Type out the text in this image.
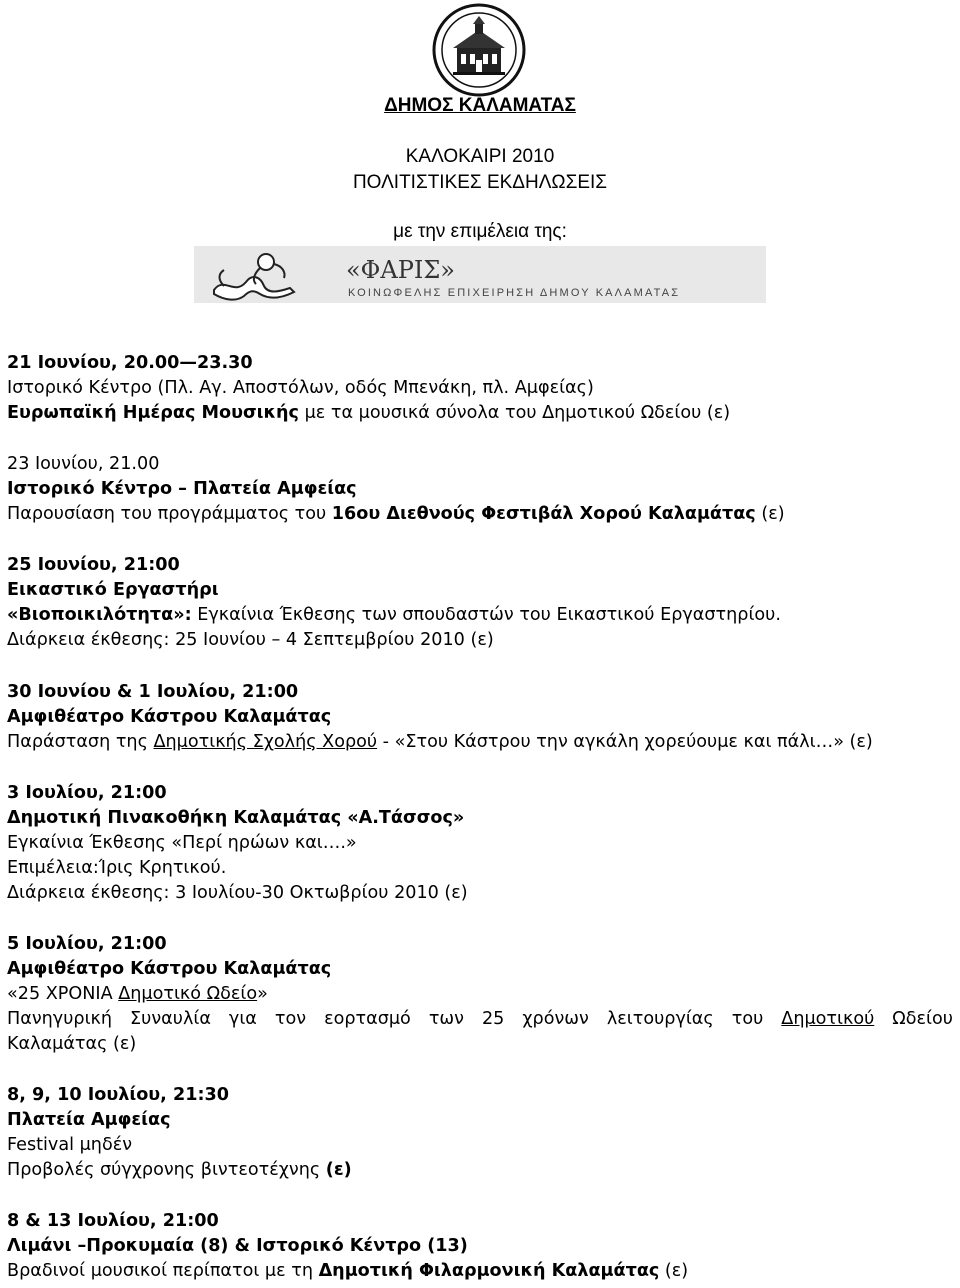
ΔΗΜΟΣ ΚΑΛΑΜΑΤΑΣ
ΚΑΛΟΚΑΙΡΙ 2010
ΠΟΛΙΤΙΣΤΙΚΕΣ ΕΚΔΗΛΩΣΕΙΣ
με την επιμέλεια της:
«ΦΑΡΙΣ»
ΚΟΙΝΩΦΕΛΗΣ ΕΠΙΧΕΙΡΗΣΗ ΔΗΜΟΥ ΚΑΛΑΜΑΤΑΣ
21 Ιουνίου, 20.00—23.30
Ιστορικό Κέντρο (Πλ. Αγ. Αποστόλων, οδός Μπενάκη, πλ. Αμφείας)
Ευρωπαϊκή Ημέρας Μουσικής με τα μουσικά σύνολα του Δημοτικού Ωδείου (ε)
23 Ιουνίου, 21.00
Ιστορικό Κέντρο – Πλατεία Αμφείας
Παρουσίαση του προγράμματος του 16ου Διεθνούς Φεστιβάλ Χορού Καλαμάτας (ε)
25 Ιουνίου, 21:00
Εικαστικό Εργαστήρι
«Βιοποικιλότητα»: Εγκαίνια Έκθεσης των σπουδαστών του Εικαστικού Εργαστηρίου.
Διάρκεια έκθεσης: 25 Ιουνίου – 4 Σεπτεμβρίου 2010 (ε)
30 Ιουνίου & 1 Ιουλίου, 21:00
Αμφιθέατρο Κάστρου Καλαμάτας
Παράσταση της Δημοτικής Σχολής Χορού - «Στου Κάστρου την αγκάλη χορεύουμε και πάλι…» (ε)
3 Ιουλίου, 21:00
Δημοτική Πινακοθήκη Καλαμάτας «Α.Τάσσος»
Εγκαίνια Έκθεσης «Περί ηρώων και….»
Επιμέλεια:Ίρις Κρητικού.
Διάρκεια έκθεσης: 3 Ιουλίου-30 Οκτωβρίου 2010 (ε)
5 Ιουλίου, 21:00
Αμφιθέατρο Κάστρου Καλαμάτας
«25 ΧΡΟΝΙΑ Δημοτικό Ωδείο»
Πανηγυρική Συναυλία για τον εορτασμό των 25 χρόνων λειτουργίας του Δημοτικού Ωδείου
Καλαμάτας (ε)
8, 9, 10 Ιουλίου, 21:30
Πλατεία Αμφείας
Festival μηδέν
Προβολές σύγχρονης βιντεοτέχνης (ε)
8 & 13 Ιουλίου, 21:00
Λιμάνι –Προκυμαία (8) & Ιστορικό Κέντρο (13)
Βραδινοί μουσικοί περίπατοι με τη Δημοτική Φιλαρμονική Καλαμάτας (ε)
